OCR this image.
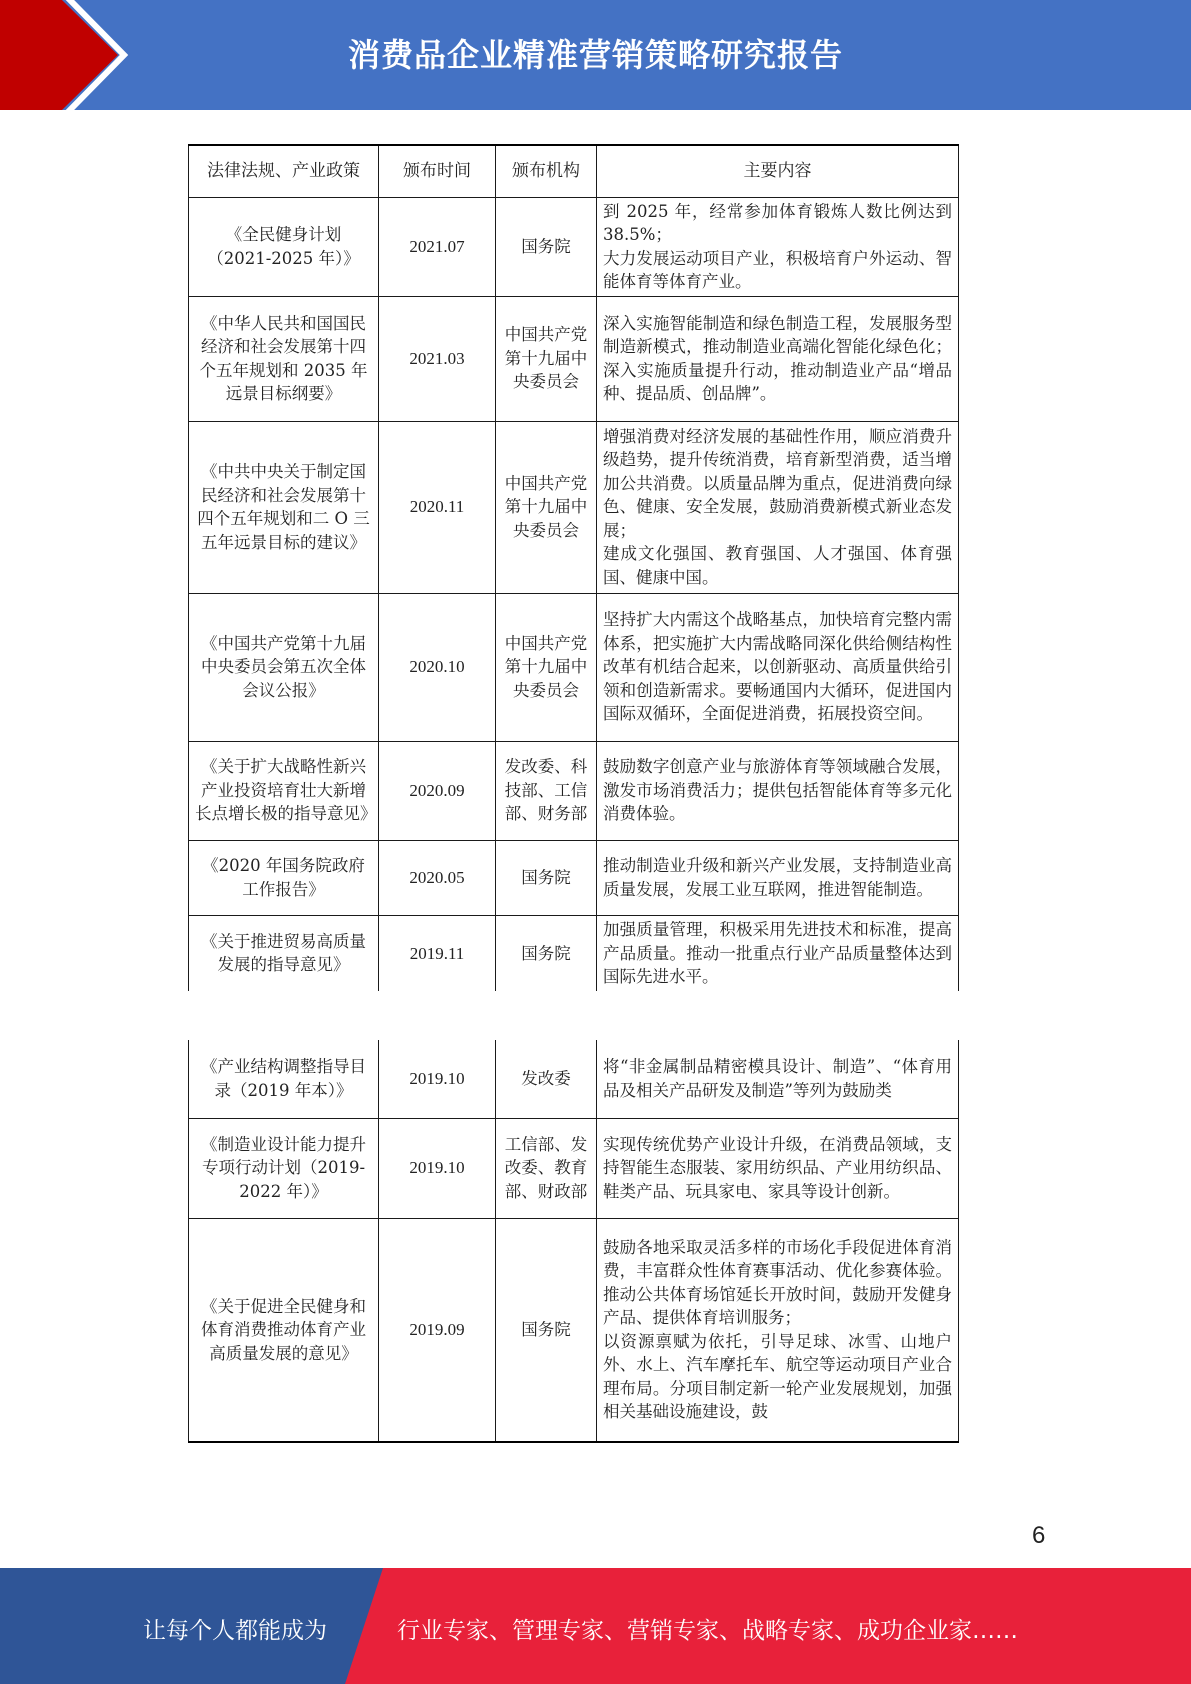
消费品企业精准营销策略研究报告
法律法规、产业政策	颁布时间	颁布机构	主要内容
《全民健身计划（2021-2025 年）》	2021.07	国务院	到 2025 年，经常参加体育锻炼人数比例达到 38.5%；
大力发展运动项目产业，积极培育户外运动、智能体育等体育产业。
《中华人民共和国国民经济和社会发展第十四个五年规划和 2035 年远景目标纲要》	2021.03	中国共产党第十九届中央委员会	深入实施智能制造和绿色制造工程，发展服务型制造新模式，推动制造业高端化智能化绿色化；深入实施质量提升行动，推动制造业产品“增品种、提品质、创品牌”。
《中共中央关于制定国民经济和社会发展第十四个五年规划和二 O 三五年远景目标的建议》	2020.11	中国共产党第十九届中央委员会	增强消费对经济发展的基础性作用，顺应消费升级趋势，提升传统消费，培育新型消费，适当增加公共消费。以质量品牌为重点，促进消费向绿色、健康、安全发展，鼓励消费新模式新业态发展；
建成文化强国、教育强国、人才强国、体育强国、健康中国。
《中国共产党第十九届中央委员会第五次全体会议公报》	2020.10	中国共产党第十九届中央委员会	坚持扩大内需这个战略基点，加快培育完整内需体系，把实施扩大内需战略同深化供给侧结构性改革有机结合起来，以创新驱动、高质量供给引领和创造新需求。要畅通国内大循环，促进国内国际双循环，全面促进消费，拓展投资空间。
《关于扩大战略性新兴产业投资培育壮大新增长点增长极的指导意见》	2020.09	发改委、科技部、工信部、财务部	鼓励数字创意产业与旅游体育等领域融合发展，激发市场消费活力；提供包括智能体育等多元化消费体验。
《2020 年国务院政府工作报告》	2020.05	国务院	推动制造业升级和新兴产业发展，支持制造业高质量发展，发展工业互联网，推进智能制造。
《关于推进贸易高质量发展的指导意见》	2019.11	国务院	加强质量管理，积极采用先进技术和标准，提高产品质量。推动一批重点行业产品质量整体达到国际先进水平。
《产业结构调整指导目录（2019 年本）》	2019.10	发改委	将“非金属制品精密模具设计、制造”、“体育用品及相关产品研发及制造”等列为鼓励类
《制造业设计能力提升专项行动计划（2019-2022 年）》	2019.10	工信部、发改委、教育部、财政部	实现传统优势产业设计升级，在消费品领域，支持智能生态服装、家用纺织品、产业用纺织品、鞋类产品、玩具家电、家具等设计创新。
《关于促进全民健身和体育消费推动体育产业高质量发展的意见》	2019.09	国务院	鼓励各地采取灵活多样的市场化手段促进体育消费，丰富群众性体育赛事活动、优化参赛体验。推动公共体育场馆延长开放时间，鼓励开发健身产品、提供体育培训服务；
以资源禀赋为依托，引导足球、冰雪、山地户外、水上、汽车摩托车、航空等运动项目产业合理布局。分项目制定新一轮产业发展规划，加强相关基础设施建设，鼓
6
让每个人都能成为	行业专家、管理专家、营销专家、战略专家、成功企业家……
